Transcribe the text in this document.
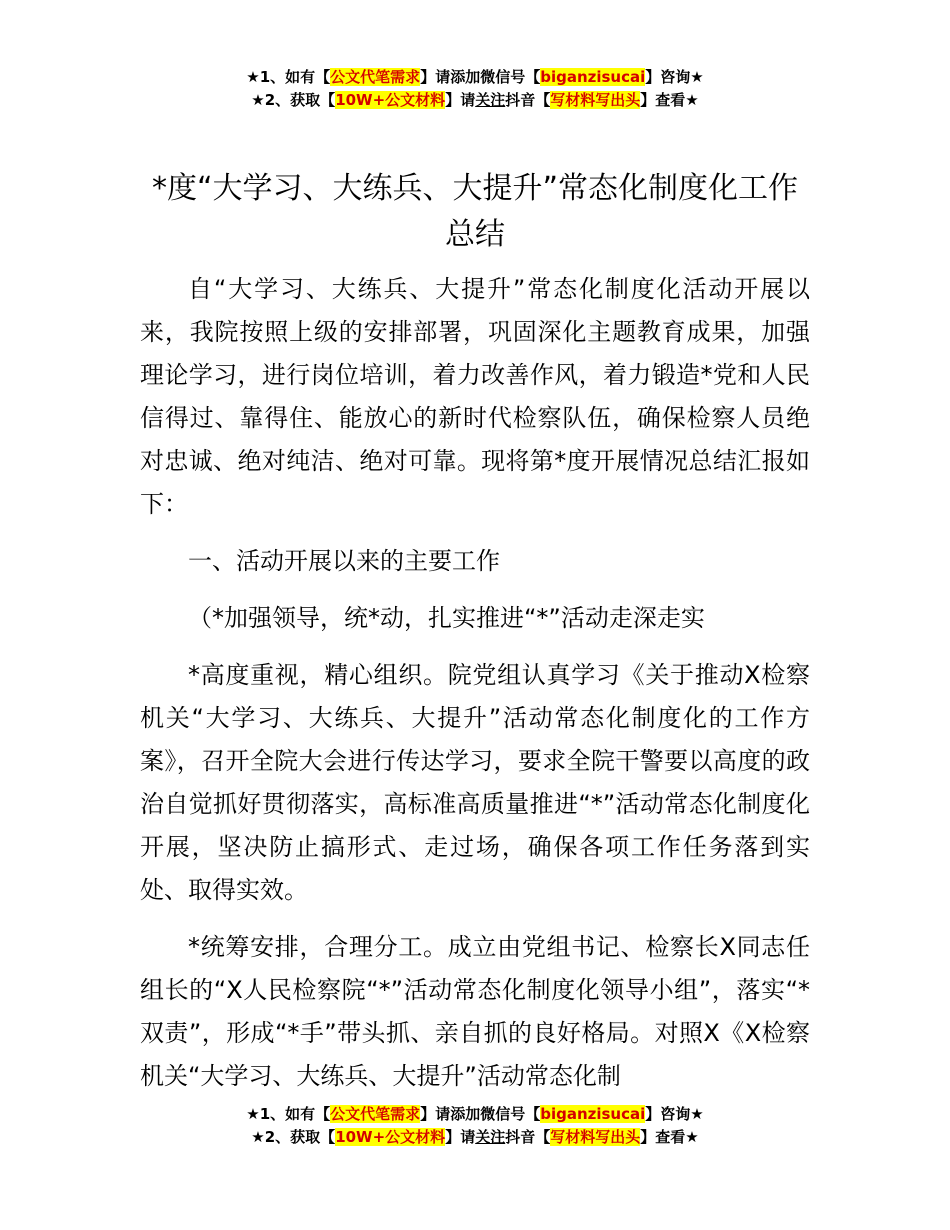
★1、如有【公文代笔需求】请添加微信号【biganzisucai】咨询★
★2、获取【10W+公文材料】请关注抖音【写材料写出头】查看★
*度“大学习、大练兵、大提升”常态化制度化工作总结

自“大学习、大练兵、大提升”常态化制度化活动开展以来，我院按照上级的安排部署，巩固深化主题教育成果，加强理论学习，进行岗位培训，着力改善作风，着力锻造*党和人民信得过、靠得住、能放心的新时代检察队伍，确保检察人员绝对忠诚、绝对纯洁、绝对可靠。现将第*度开展情况总结汇报如下：

一、活动开展以来的主要工作

（*加强领导，统*动，扎实推进“*”活动走深走实

*高度重视，精心组织。院党组认真学习《关于推动X检察机关“大学习、大练兵、大提升”活动常态化制度化的工作方案》，召开全院大会进行传达学习，要求全院干警要以高度的政治自觉抓好贯彻落实，高标准高质量推进“*”活动常态化制度化开展，坚决防止搞形式、走过场，确保各项工作任务落到实处、取得实效。

*统筹安排，合理分工。成立由党组书记、检察长X同志任组长的“X人民检察院“*”活动常态化制度化领导小组”，落实“*双责”，形成“*手”带头抓、亲自抓的良好格局。对照X《X检察机关“大学习、大练兵、大提升”活动常态化制

★1、如有【公文代笔需求】请添加微信号【biganzisucai】咨询★
★2、获取【10W+公文材料】请关注抖音【写材料写出头】查看★
